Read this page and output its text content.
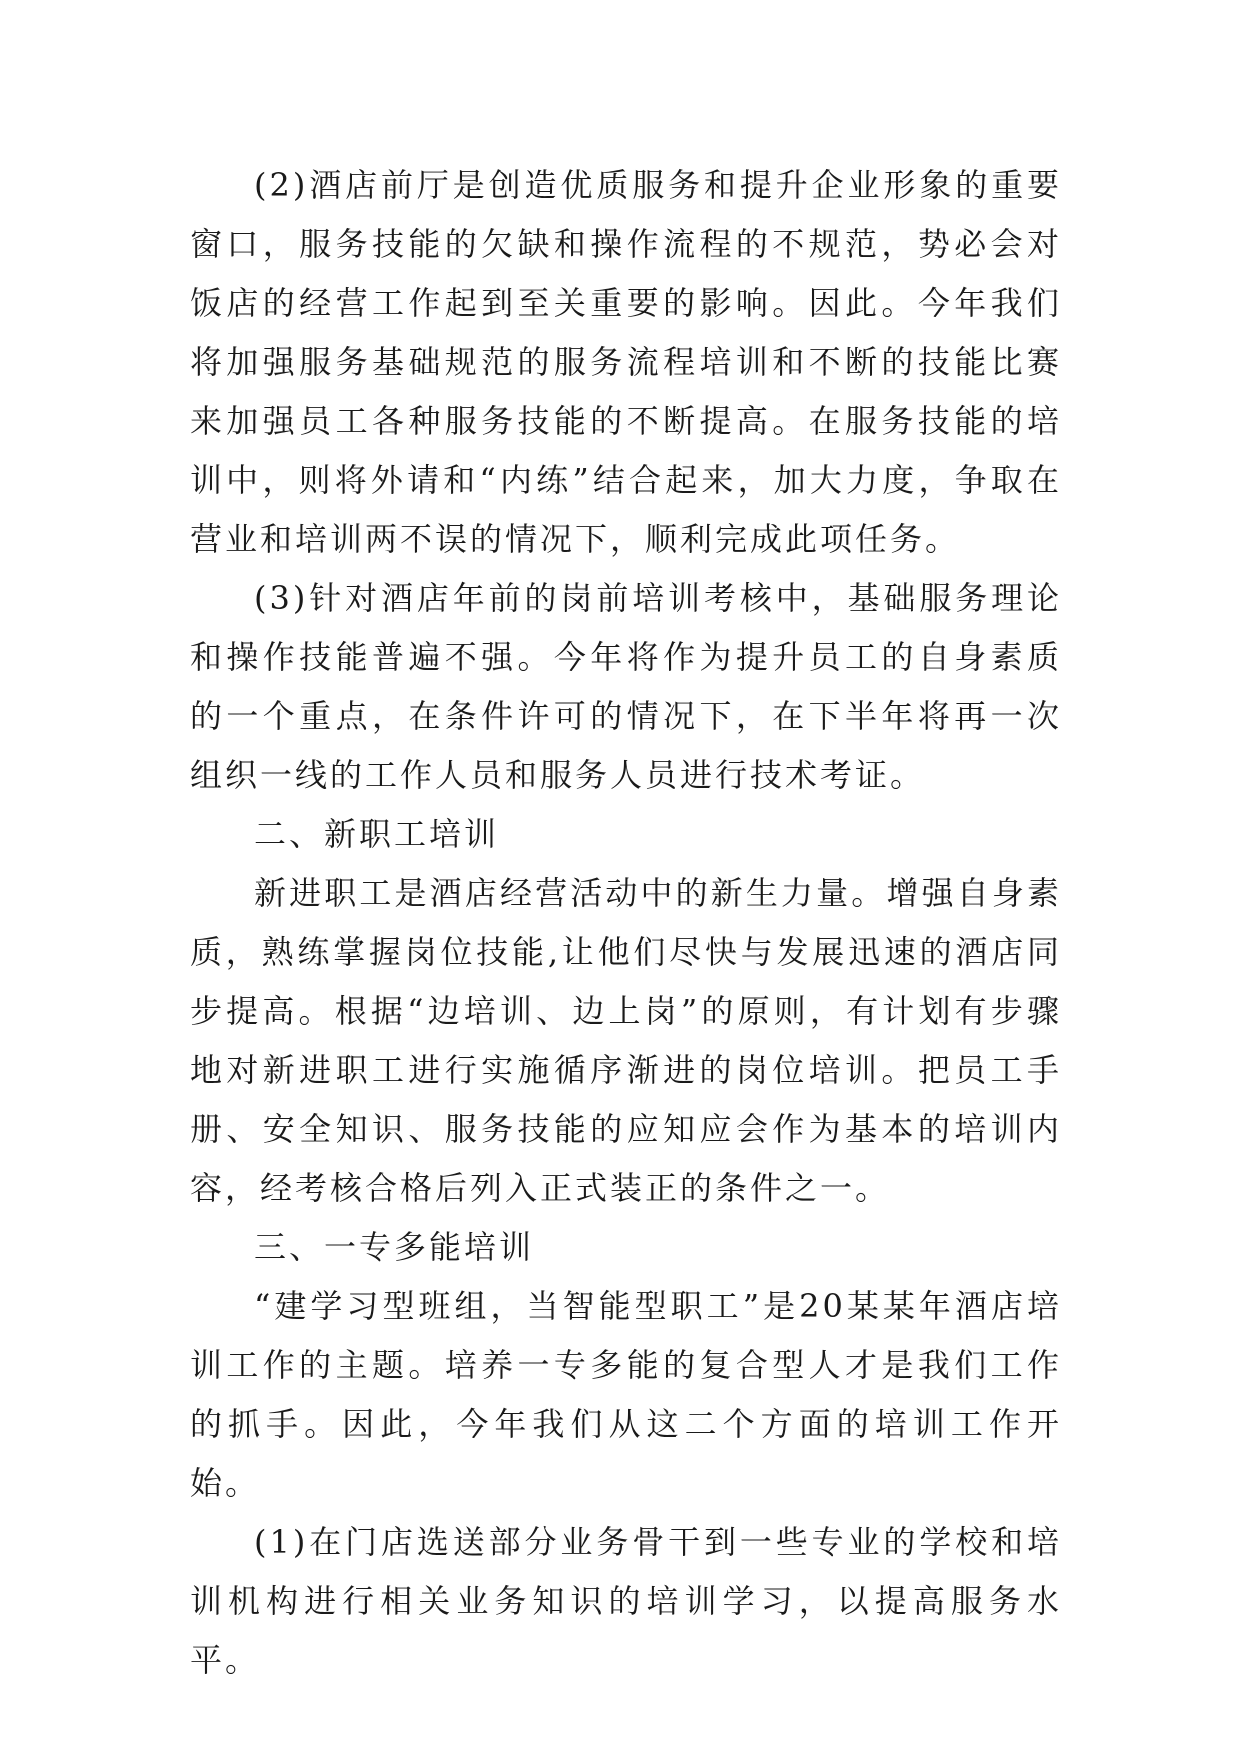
(2)酒店前厅是创造优质服务和提升企业形象的重要窗口，服务技能的欠缺和操作流程的不规范，势必会对饭店的经营工作起到至关重要的影响。因此。今年我们将加强服务基础规范的服务流程培训和不断的技能比赛来加强员工各种服务技能的不断提高。在服务技能的培训中，则将外请和“内练”结合起来，加大力度，争取在营业和培训两不误的情况下，顺利完成此项任务。

(3)针对酒店年前的岗前培训考核中，基础服务理论和操作技能普遍不强。今年将作为提升员工的自身素质的一个重点，在条件许可的情况下，在下半年将再一次组织一线的工作人员和服务人员进行技术考证。

二、新职工培训

新进职工是酒店经营活动中的新生力量。增强自身素质，熟练掌握岗位技能,让他们尽快与发展迅速的酒店同步提高。根据“边培训、边上岗”的原则，有计划有步骤地对新进职工进行实施循序渐进的岗位培训。把员工手册、安全知识、服务技能的应知应会作为基本的培训内容，经考核合格后列入正式装正的条件之一。

三、一专多能培训

“建学习型班组，当智能型职工”是20某某年酒店培训工作的主题。培养一专多能的复合型人才是我们工作的抓手。因此，今年我们从这二个方面的培训工作开始。

(1)在门店选送部分业务骨干到一些专业的学校和培训机构进行相关业务知识的培训学习，以提高服务水平。
